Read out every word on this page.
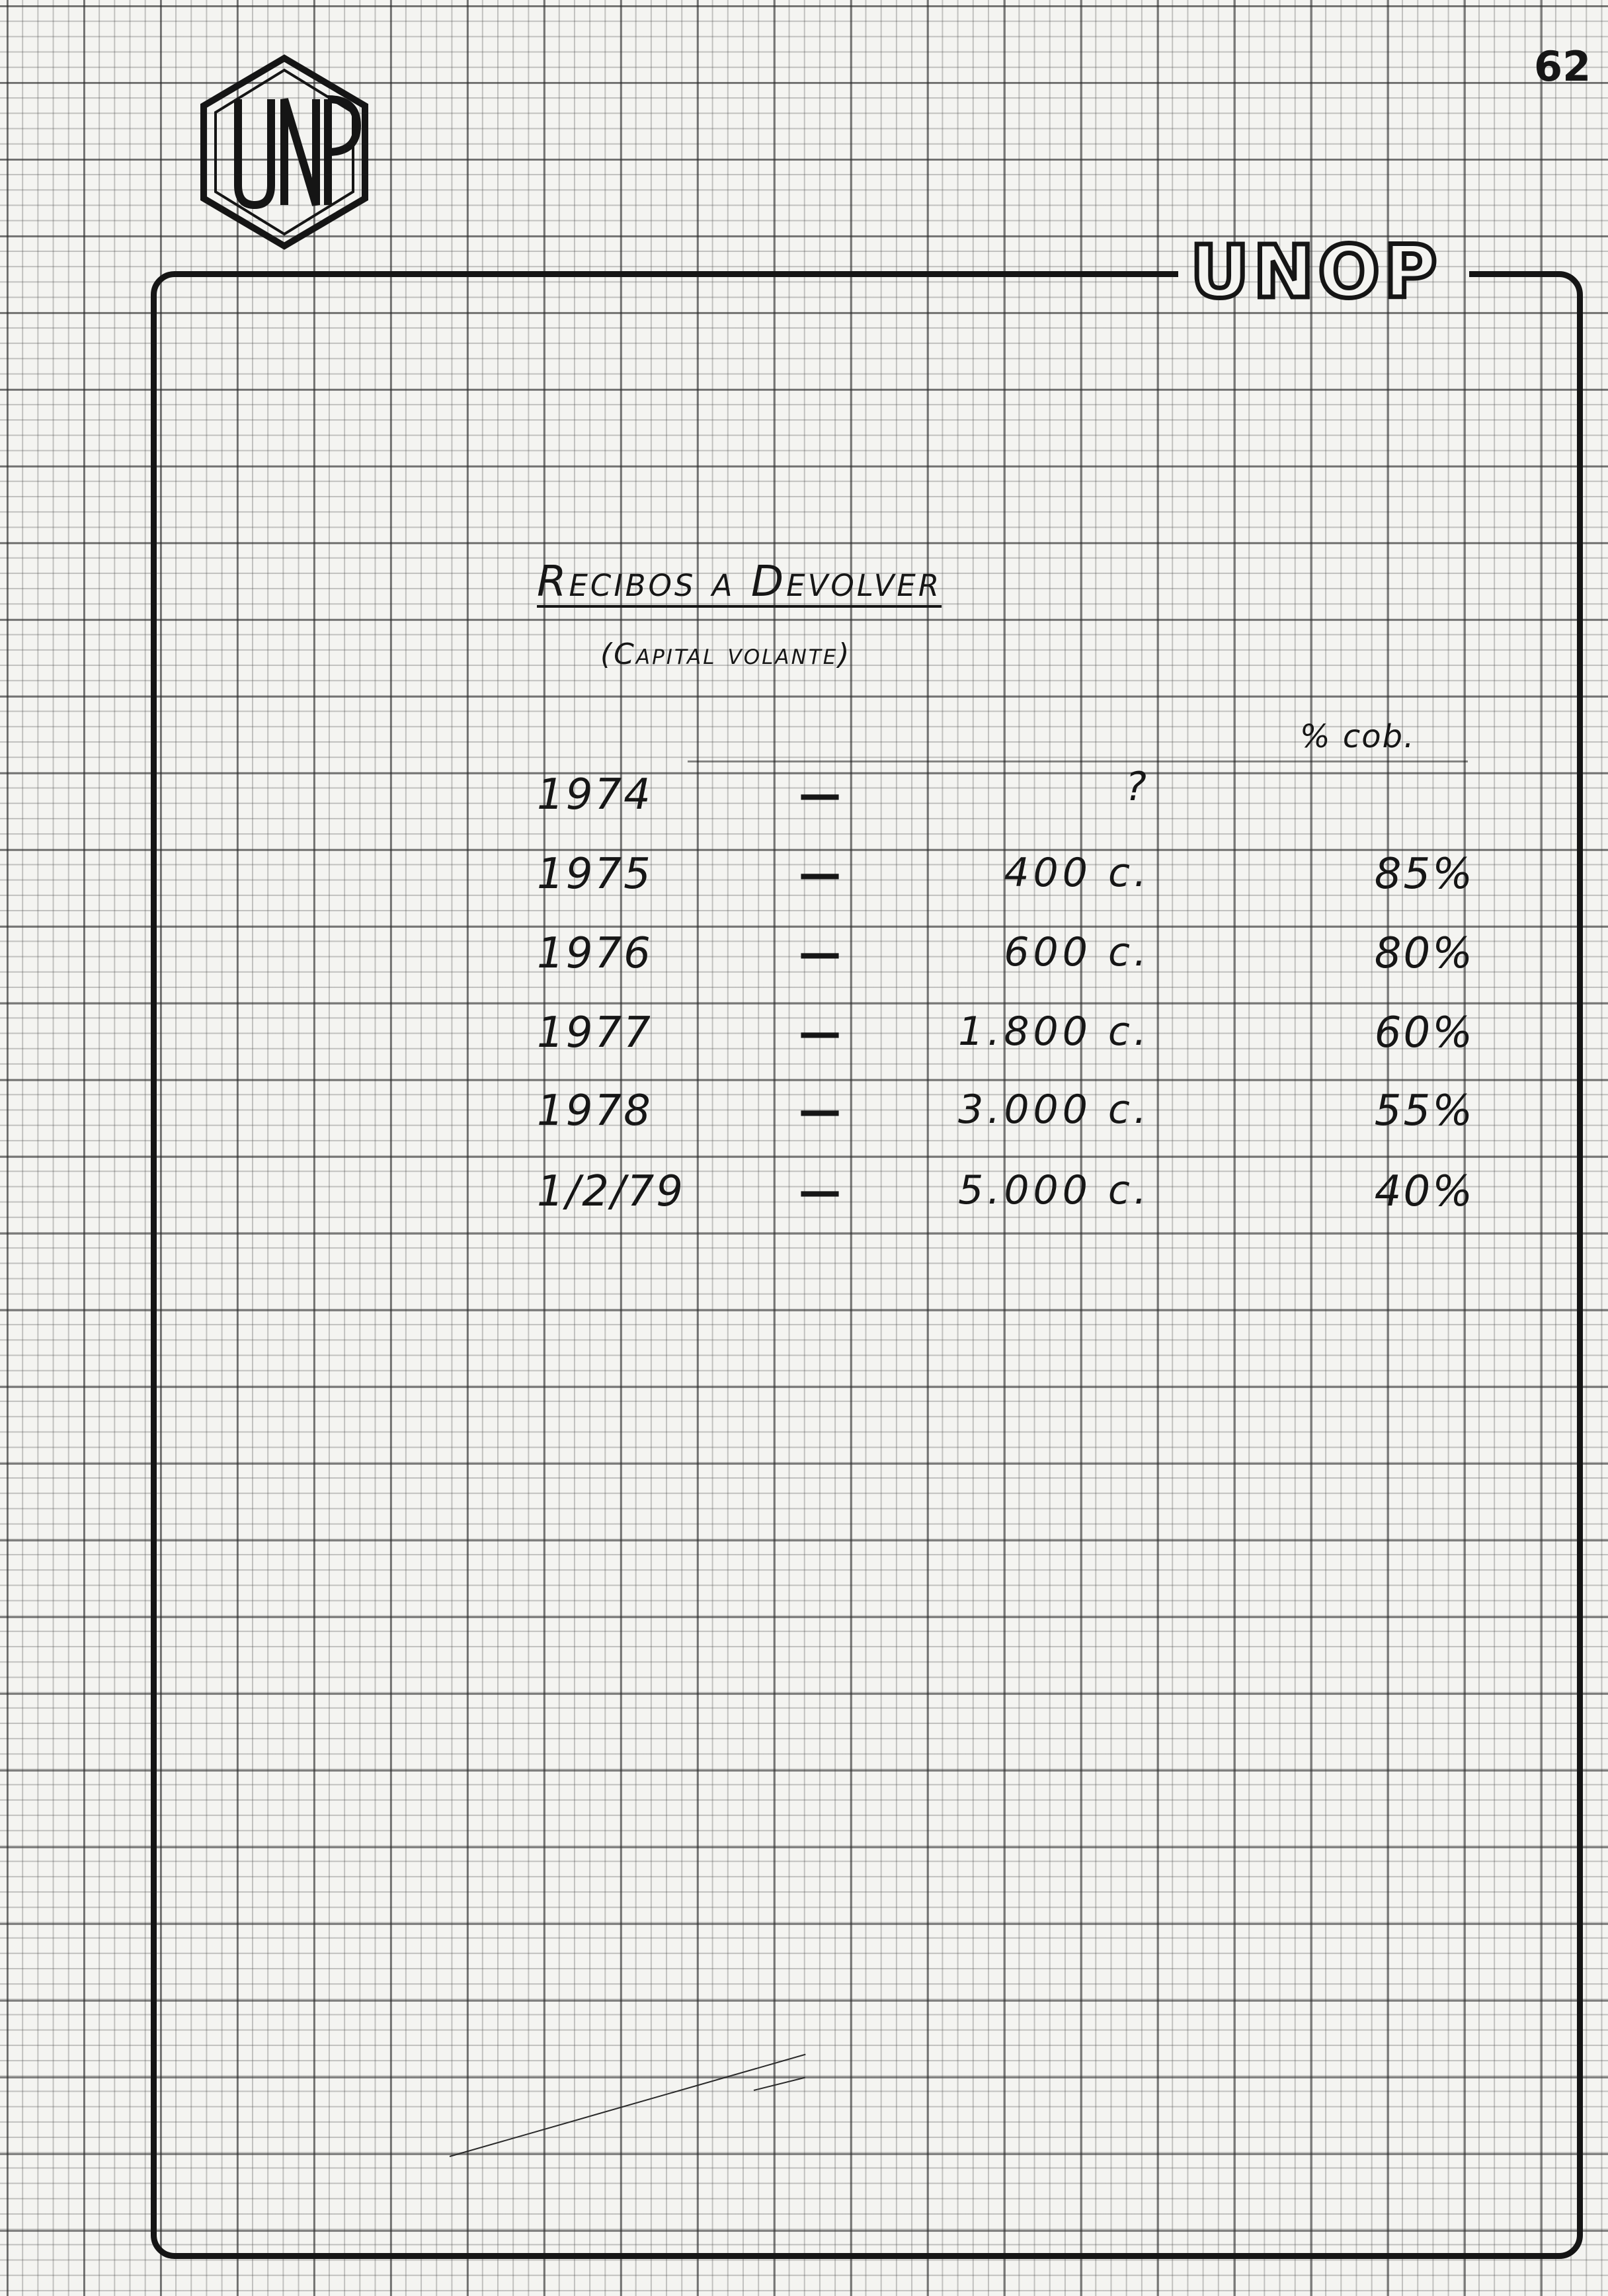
62
UNOP
Recibos a Devolver
(Capital volante)
% cob.
1974	—	?
1975	—	400 c.	85%
1976	—	600 c.	80%
1977	—	1.800 c.	60%
1978	—	3.000 c.	55%
1/2/79	—	5.000 c.	40%
